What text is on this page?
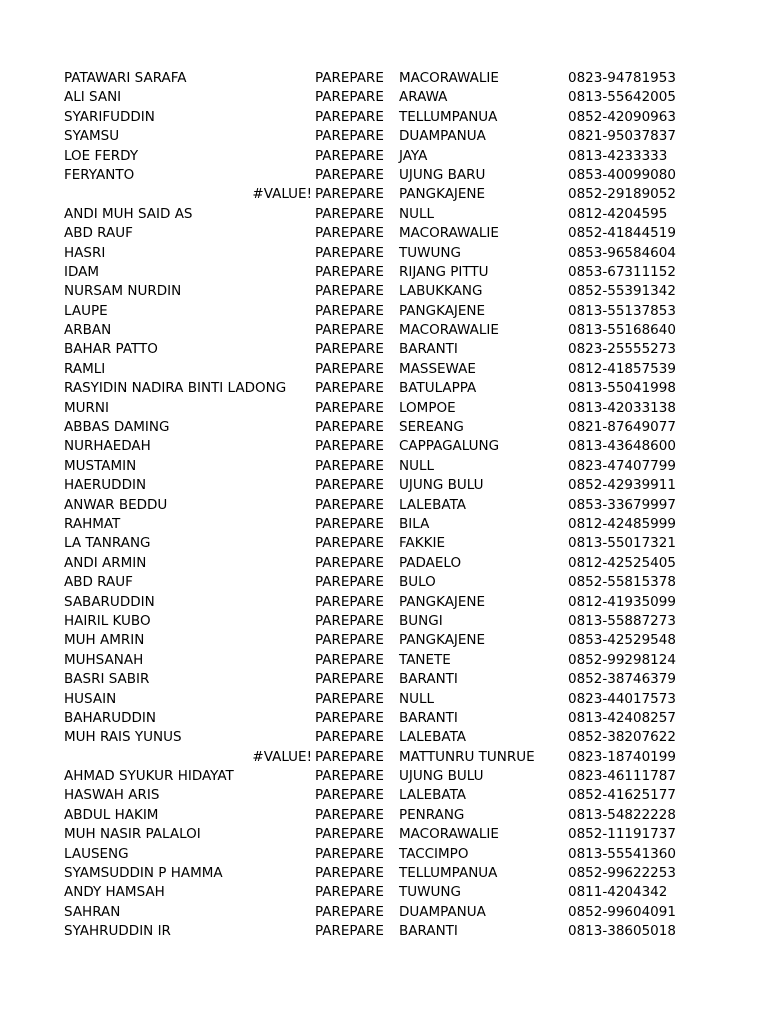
PATAWARI SARAFA	PAREPARE MACORAWALIE	0823-94781953
ALI SANI	PAREPARE ARAWA	0813-55642005
SYARIFUDDIN	PAREPARE TELLUMPANUA	0852-42090963
SYAMSU	PAREPARE DUAMPANUA	0821-95037837
LOE FERDY	PAREPARE JAYA	0813-4233333
FERYANTO	PAREPARE UJUNG BARU	0853-40099080
#VALUE! PAREPARE PANGKAJENE	0852-29189052
ANDI MUH SAID AS	PAREPARE NULL	0812-4204595
ABD RAUF	PAREPARE MACORAWALIE	0852-41844519
HASRI	PAREPARE TUWUNG	0853-96584604
IDAM	PAREPARE RIJANG PITTU	0853-67311152
NURSAM NURDIN	PAREPARE LABUKKANG	0852-55391342
LAUPE	PAREPARE PANGKAJENE	0813-55137853
ARBAN	PAREPARE MACORAWALIE	0813-55168640
BAHAR PATTO	PAREPARE BARANTI	0823-25555273
RAMLI	PAREPARE MASSEWAE	0812-41857539
RASYIDIN NADIRA BINTI LADONG	PAREPARE BATULAPPA	0813-55041998
MURNI	PAREPARE LOMPOE	0813-42033138
ABBAS DAMING	PAREPARE SEREANG	0821-87649077
NURHAEDAH	PAREPARE CAPPAGALUNG	0813-43648600
MUSTAMIN	PAREPARE NULL	0823-47407799
HAERUDDIN	PAREPARE UJUNG BULU	0852-42939911
ANWAR BEDDU	PAREPARE LALEBATA	0853-33679997
RAHMAT	PAREPARE BILA	0812-42485999
LA TANRANG	PAREPARE FAKKIE	0813-55017321
ANDI ARMIN	PAREPARE PADAELO	0812-42525405
ABD RAUF	PAREPARE BULO	0852-55815378
SABARUDDIN	PAREPARE PANGKAJENE	0812-41935099
HAIRIL KUBO	PAREPARE BUNGI	0813-55887273
MUH AMRIN	PAREPARE PANGKAJENE	0853-42529548
MUHSANAH	PAREPARE TANETE	0852-99298124
BASRI SABIR	PAREPARE BARANTI	0852-38746379
HUSAIN	PAREPARE NULL	0823-44017573
BAHARUDDIN	PAREPARE BARANTI	0813-42408257
MUH RAIS YUNUS	PAREPARE LALEBATA	0852-38207622
#VALUE! PAREPARE MATTUNRU TUNRUE 0823-18740199
AHMAD SYUKUR HIDAYAT	PAREPARE UJUNG BULU	0823-46111787
HASWAH ARIS	PAREPARE LALEBATA	0852-41625177
ABDUL HAKIM	PAREPARE PENRANG	0813-54822228
MUH NASIR PALALOI	PAREPARE MACORAWALIE	0852-11191737
LAUSENG	PAREPARE TACCIMPO	0813-55541360
SYAMSUDDIN P HAMMA	PAREPARE TELLUMPANUA	0852-99622253
ANDY HAMSAH	PAREPARE TUWUNG	0811-4204342
SAHRAN	PAREPARE DUAMPANUA	0852-99604091
SYAHRUDDIN IR	PAREPARE BARANTI	0813-38605018
